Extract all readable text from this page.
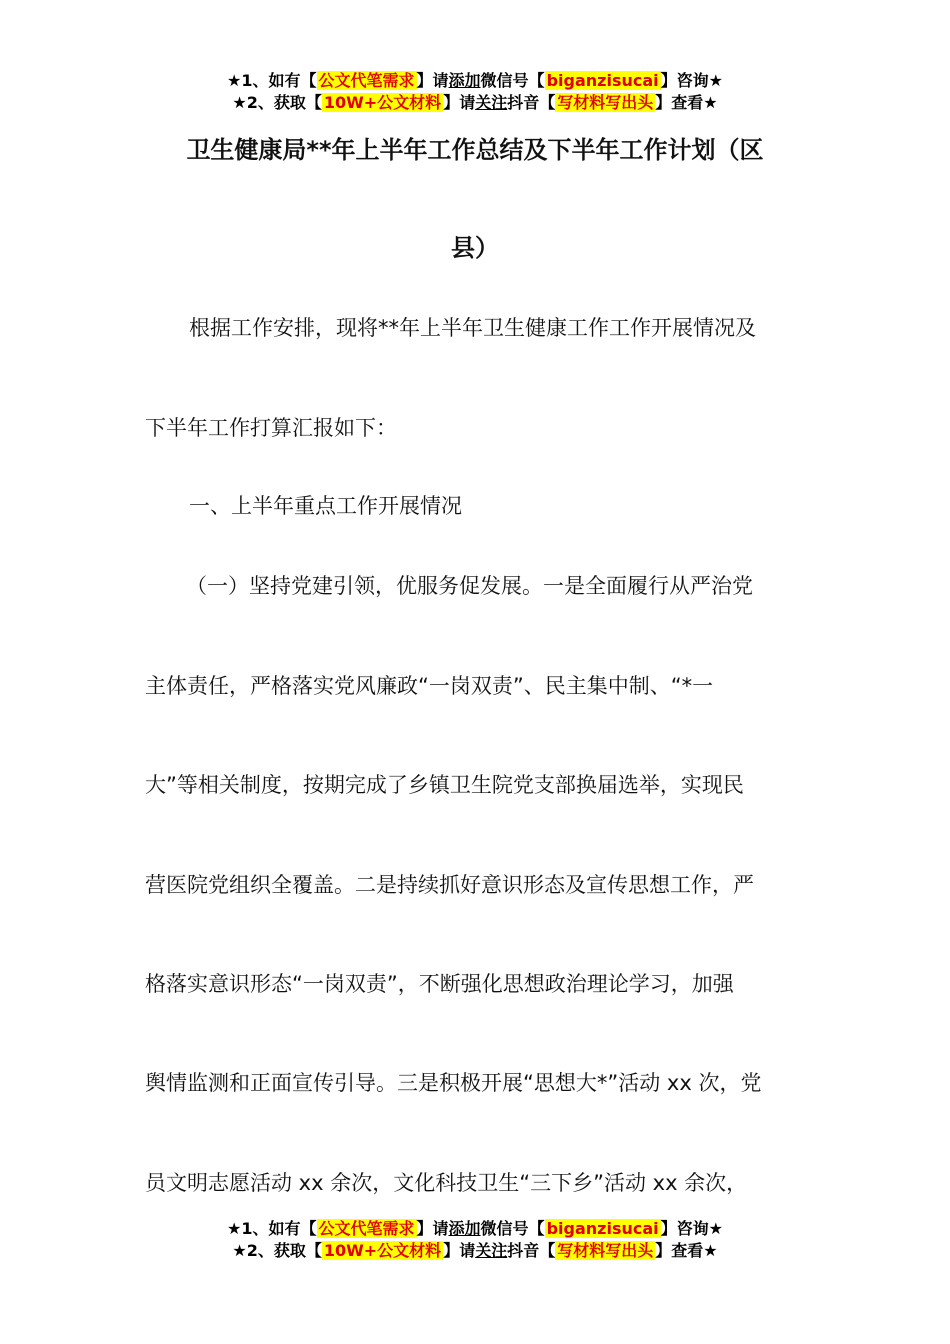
★1、如有【 公文代笔需求 】请添加微信号【 biganzisucai 】咨询★
★2、获取【 10W+公文材料 】请关注抖音【 写材料写出头 】查看★
卫生健康局**年上半年工作总结及下半年工作计划（区
县）
根据工作安排，现将**年上半年卫生健康工作工作开展情况及
下半年工作打算汇报如下：
一、上半年重点工作开展情况
（一）坚持党建引领，优服务促发展。一是全面履行从严治党
主体责任，严格落实党风廉政“一岗双责”、民主集中制、“*一
大”等相关制度，按期完成了乡镇卫生院党支部换届选举，实现民
营医院党组织全覆盖。二是持续抓好意识形态及宣传思想工作，严
格落实意识形态“一岗双责”，不断强化思想政治理论学习，加强
舆情监测和正面宣传引导。三是积极开展“思想大*”活动 xx 次，党
员文明志愿活动 xx 余次，文化科技卫生“三下乡”活动 xx 余次，
★1、如有【 公文代笔需求 】请添加微信号【 biganzisucai 】咨询★
★2、获取【 10W+公文材料 】请关注抖音【 写材料写出头 】查看★
